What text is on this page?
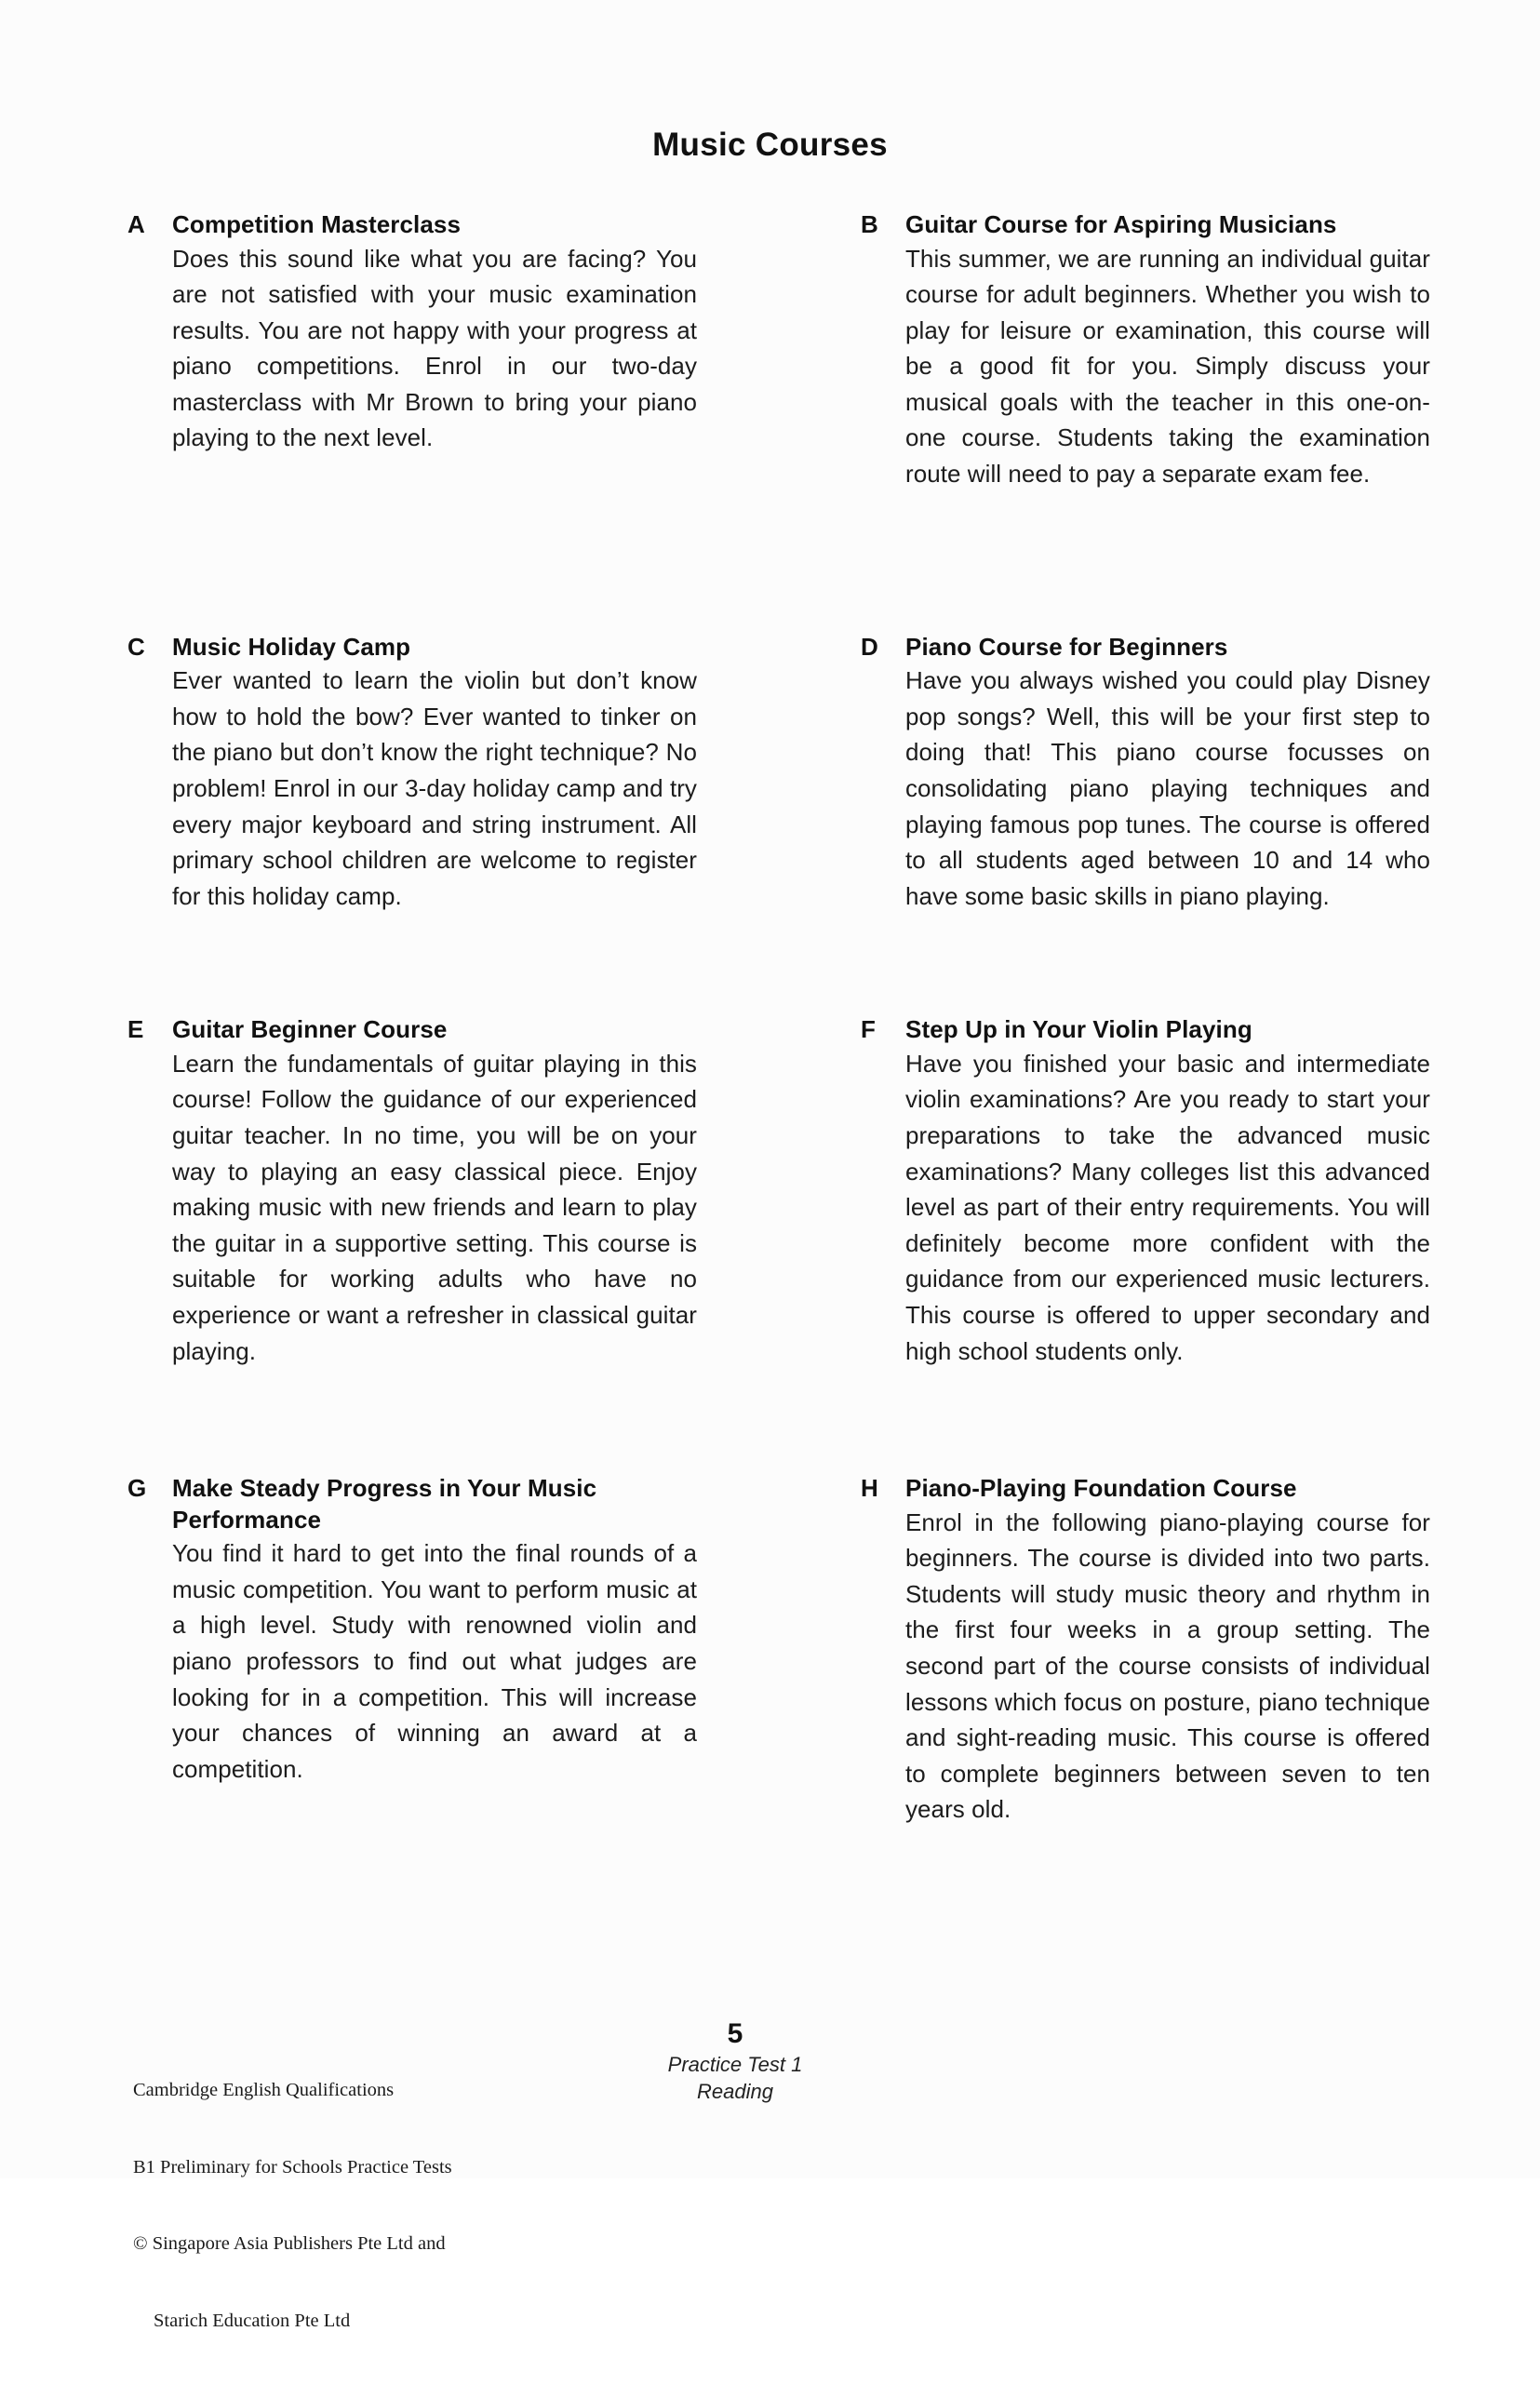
Music Courses
A	Competition Masterclass

Does this sound like what you are facing? You are not satisfied with your music examination results. You are not happy with your progress at piano competitions. Enrol in our two-day masterclass with Mr Brown to bring your piano playing to the next level.

B	Guitar Course for Aspiring Musicians

This summer, we are running an individual guitar course for adult beginners. Whether you wish to play for leisure or examination, this course will be a good fit for you. Simply discuss your musical goals with the teacher in this one-on-one course. Students taking the examination route will need to pay a separate exam fee.

C	Music Holiday Camp

Ever wanted to learn the violin but don’t know how to hold the bow? Ever wanted to tinker on the piano but don’t know the right technique? No problem! Enrol in our 3-day holiday camp and try every major keyboard and string instrument. All primary school children are welcome to register for this holiday camp.

D	Piano Course for Beginners

Have you always wished you could play Disney pop songs? Well, this will be your first step to doing that! This piano course focusses on consolidating piano playing techniques and playing famous pop tunes. The course is offered to all students aged between 10 and 14 who have some basic skills in piano playing.

E	Guitar Beginner Course

Learn the fundamentals of guitar playing in this course! Follow the guidance of our experienced guitar teacher. In no time, you will be on your way to playing an easy classical piece. Enjoy making music with new friends and learn to play the guitar in a supportive setting. This course is suitable for working adults who have no experience or want a refresher in classical guitar playing.

F	Step Up in Your Violin Playing

Have you finished your basic and intermediate violin examinations? Are you ready to start your preparations to take the advanced music examinations? Many colleges list this advanced level as part of their entry requirements. You will definitely become more confident with the guidance from our experienced music lecturers. This course is offered to upper secondary and high school students only.

G	Make Steady Progress in Your Music Performance

You find it hard to get into the final rounds of a music competition. You want to perform music at a high level. Study with renowned violin and piano professors to find out what judges are looking for in a competition. This will increase your chances of winning an award at a competition.

H	Piano-Playing Foundation Course

Enrol in the following piano-playing course for beginners. The course is divided into two parts. Students will study music theory and rhythm in the first four weeks in a group setting. The second part of the course consists of individual lessons which focus on posture, piano technique and sight-reading music. This course is offered to complete beginners between seven to ten years old.

Cambridge English Qualifications

B1 Preliminary for Schools Practice Tests

© Singapore Asia Publishers Pte Ltd and

Starich Education Pte Ltd

5
Practice Test 1
Reading
